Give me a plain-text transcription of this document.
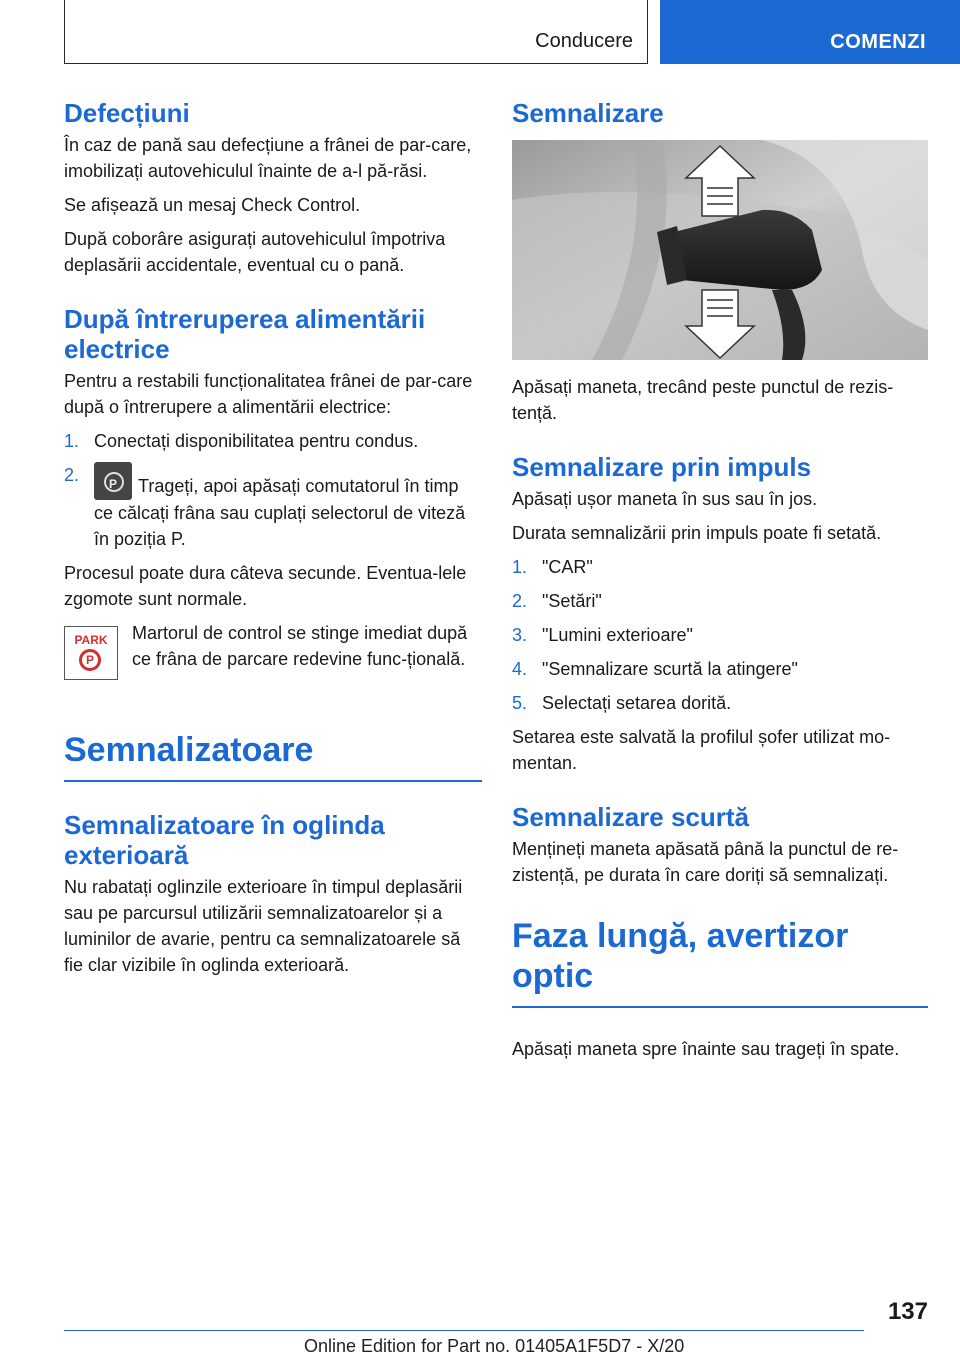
Conducere	COMENZI
Defecțiuni

În caz de pană sau defecțiune a frânei de par‐care, imobilizați autovehiculul înainte de a-l pă‐răsi.

Se afișează un mesaj Check Control.

După coborâre asigurați autovehiculul împotriva deplasării accidentale, eventual cu o pană.

După întreruperea alimentării electrice

Pentru a restabili funcționalitatea frânei de par‐care după o întrerupere a alimentării electrice:

1. Conectați disponibilitatea pentru condus.
2.	P	Trageți, apoi apăsați comutatorul în timp ce călcați frâna sau cuplați selectorul de viteză în poziția P.

Procesul poate dura câteva secunde. Eventua‐lele zgomote sunt normale.

PARK
P

Martorul de control se stinge imediat după ce frâna de parcare redevine func‐țională.

Semnalizatoare
Semnalizatoare în oglinda exterioară

Nu rabatați oglinzile exterioare în timpul deplasării sau pe parcursul utilizării semnalizatoarelor și a luminilor de avarie, pentru ca semnalizatoarele să fie clar vizibile în oglinda exterioară.

Semnalizare

Apăsați maneta, trecând peste punctul de rezis‐tență.

Semnalizare prin impuls

Apăsați ușor maneta în sus sau în jos.

Durata semnalizării prin impuls poate fi setată.

1. "CAR"
2. "Setări"
3. "Lumini exterioare"
4. "Semnalizare scurtă la atingere"
5. Selectați setarea dorită.

Setarea este salvată la profilul șofer utilizat mo‐mentan.

Semnalizare scurtă

Mențineți maneta apăsată până la punctul de re‐zistență, pe durata în care doriți să semnalizați.

Faza lungă, avertizor optic

Apăsați maneta spre înainte sau trageți în spate.

137
Online Edition for Part no. 01405A1F5D7 - X/20
